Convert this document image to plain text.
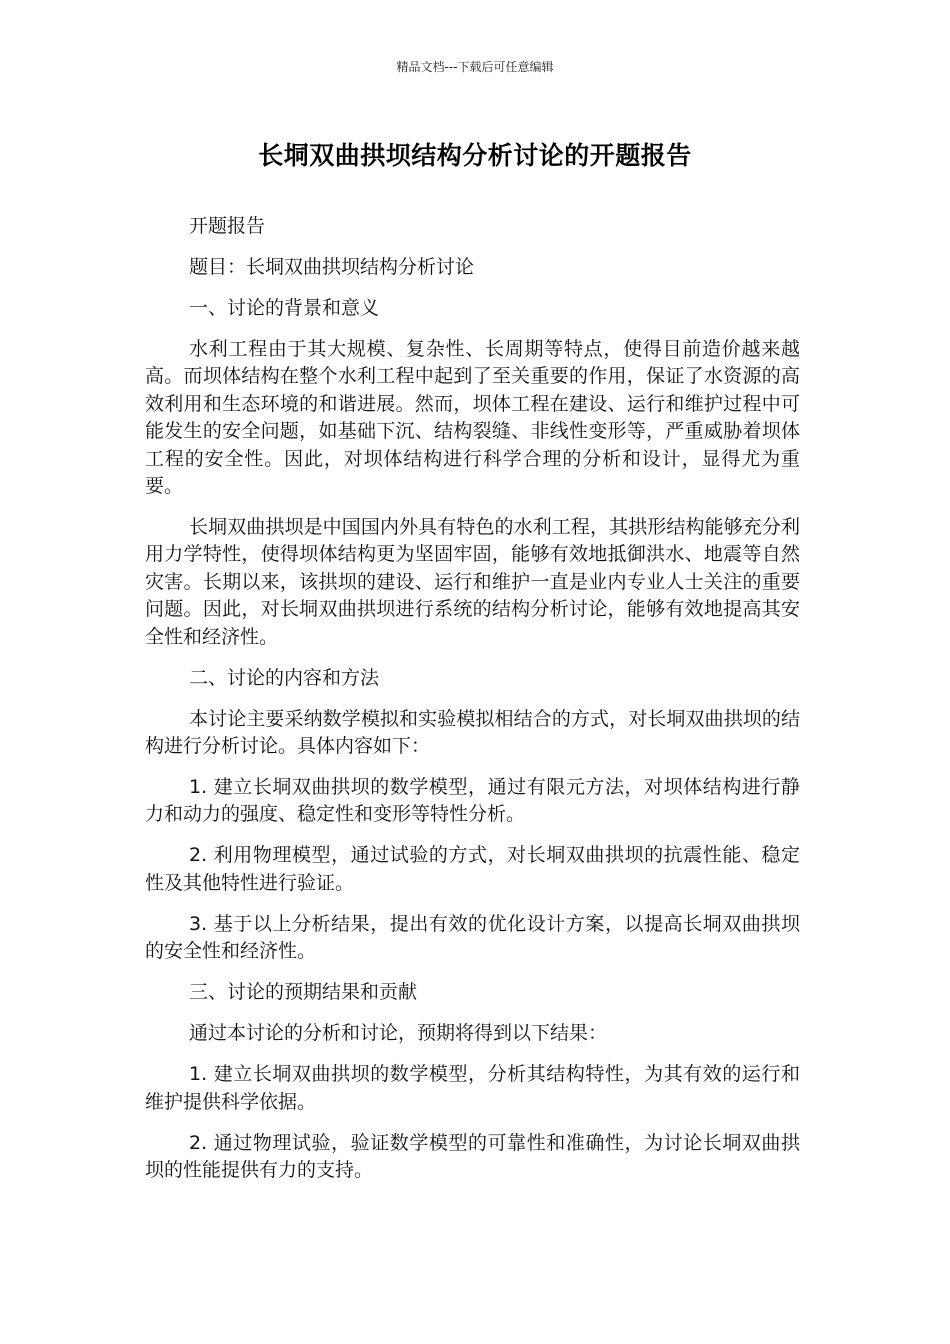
精品文档---下载后可任意编辑
长垌双曲拱坝结构分析讨论的开题报告

开题报告

题目：长垌双曲拱坝结构分析讨论

一、讨论的背景和意义

水利工程由于其大规模、复杂性、长周期等特点，使得目前造价越来越高。而坝体结构在整个水利工程中起到了至关重要的作用，保证了水资源的高效利用和生态环境的和谐进展。然而，坝体工程在建设、运行和维护过程中可能发生的安全问题，如基础下沉、结构裂缝、非线性变形等，严重威胁着坝体工程的安全性。因此，对坝体结构进行科学合理的分析和设计，显得尤为重要。

长垌双曲拱坝是中国国内外具有特色的水利工程，其拱形结构能够充分利用力学特性，使得坝体结构更为坚固牢固，能够有效地抵御洪水、地震等自然灾害。长期以来，该拱坝的建设、运行和维护一直是业内专业人士关注的重要问题。因此，对长垌双曲拱坝进行系统的结构分析讨论，能够有效地提高其安全性和经济性。

二、讨论的内容和方法

本讨论主要采纳数学模拟和实验模拟相结合的方式，对长垌双曲拱坝的结构进行分析讨论。具体内容如下：

1. 建立长垌双曲拱坝的数学模型，通过有限元方法，对坝体结构进行静力和动力的强度、稳定性和变形等特性分析。

2. 利用物理模型，通过试验的方式，对长垌双曲拱坝的抗震性能、稳定性及其他特性进行验证。

3. 基于以上分析结果，提出有效的优化设计方案，以提高长垌双曲拱坝的安全性和经济性。

三、讨论的预期结果和贡献

通过本讨论的分析和讨论，预期将得到以下结果：

1. 建立长垌双曲拱坝的数学模型，分析其结构特性，为其有效的运行和维护提供科学依据。

2. 通过物理试验，验证数学模型的可靠性和准确性，为讨论长垌双曲拱坝的性能提供有力的支持。
